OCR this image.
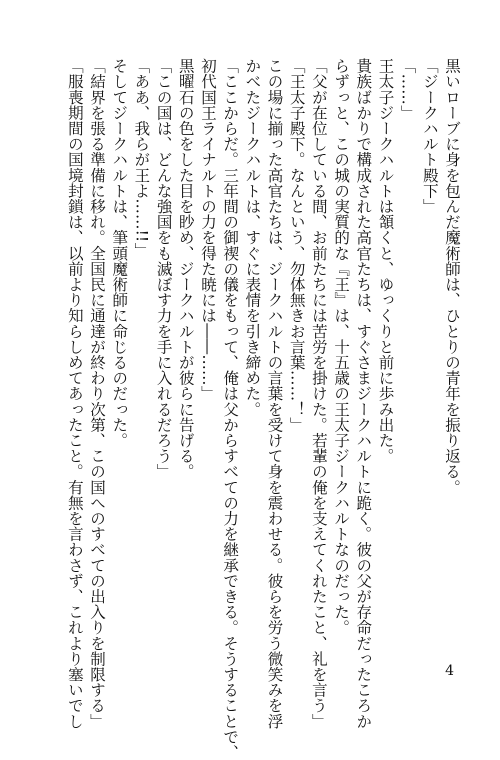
黒いローブに身を包んだ魔術師は、ひとりの青年を振り返る。
「ジークハルト殿下」
「……」
王太子ジークハルトは頷くと、ゆっくりと前に歩み出た。
貴族ばかりで構成された高官たちは、すぐさまジークハルトに跪く。彼の父が存命だったころか
らずっと、この城の実質的な『王』は、十五歳の王太子ジークハルトなのだった。
「父が在位している間、お前たちには苦労を掛けた。若輩の俺を支えてくれたこと、礼を言う」
「王太子殿下。なんという、勿体無きお言葉……！」
この場に揃った高官たちは、ジークハルトの言葉を受けて身を震わせる。彼らを労う微笑みを浮
かべたジークハルトは、すぐに表情を引き締めた。
「ここからだ。三年間の御禊の儀をもって、俺は父からすべての力を継承できる。そうすることで、
初代国王ライナルトの力を得た暁には――……」
黒曜石の色をした目を眇め、ジークハルトが彼らに告げる。
「この国は、どんな強国をも滅ぼす力を手に入れるだろう」
「ああ、我らが王よ……!!」
そしてジークハルトは、筆頭魔術師に命じるのだった。
「結界を張る準備に移れ。全国民に通達が終わり次第、この国へのすべての出入りを制限する」
「服喪期間の国境封鎖は、以前より知らしめてあったこと。有無を言わさず、これより塞いでし	4
